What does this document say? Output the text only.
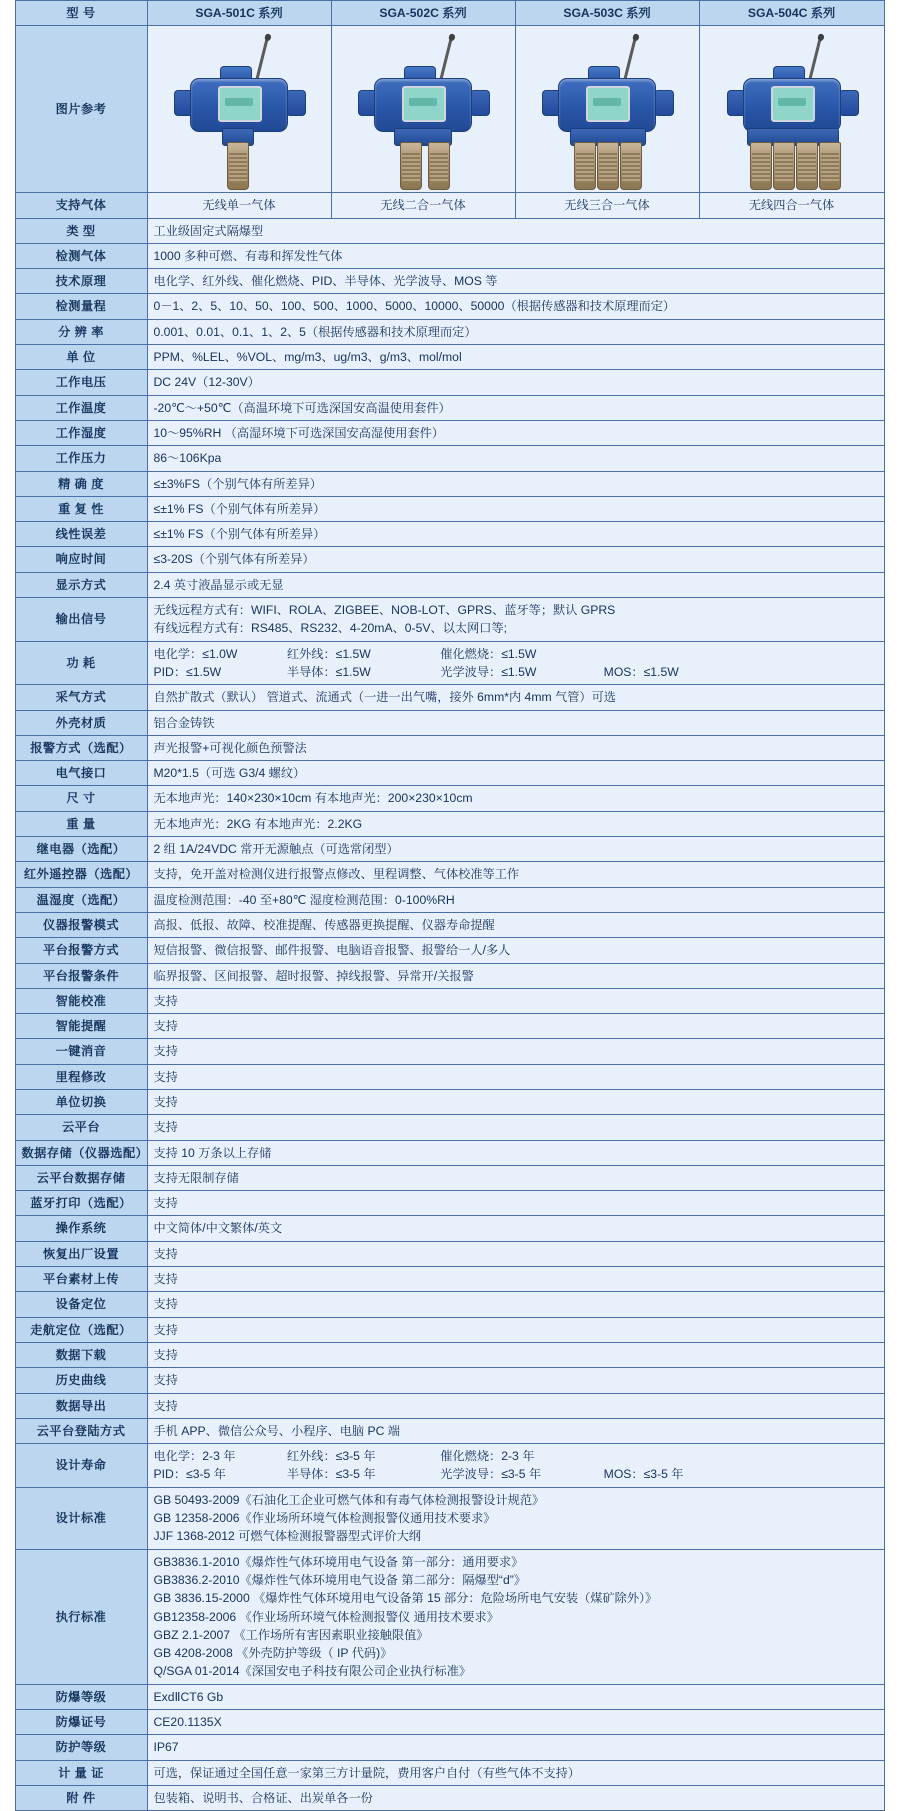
型 号	SGA-501C 系列	SGA-502C 系列	SGA-503C 系列	SGA-504C 系列
图片参考	

支持气体	无线单一气体	无线二合一气体	无线三合一气体	无线四合一气体
类 型	工业级固定式隔爆型			
检测气体	1000 多种可燃、有毒和挥发性气体			
技术原理	电化学、红外线、催化燃烧、PID、半导体、光学波导、MOS 等			
检测量程	0－1、2、5、10、50、100、500、1000、5000、10000、50000（根据传感器和技术原理而定）			
分 辨 率	0.001、0.01、0.1、1、2、5（根据传感器和技术原理而定）			
单 位	PPM、%LEL、%VOL、mg/m3、ug/m3、g/m3、mol/mol			
工作电压	DC 24V（12-30V）			
工作温度	-20℃～+50℃（高温环境下可选深国安高温使用套件）			
工作湿度	10～95%RH （高湿环境下可选深国安高湿使用套件）			
工作压力	86～106Kpa			
精 确 度	≤±3%FS（个别气体有所差异）			
重 复 性	≤±1% FS（个别气体有所差异）			
线性误差	≤±1% FS（个别气体有所差异）			
响应时间	≤3-20S（个别气体有所差异）			
显示方式	2.4 英寸液晶显示或无显			
输出信号	无线远程方式有：WIFI、ROLA、ZIGBEE、NOB-LOT、GPRS、蓝牙等；默认 GPRS
有线远程方式有：RS485、RS232、4-20mA、0-5V、以太网口等;			

功 耗	电化学：≤1.0W 红外线：≤1.5W 催化燃烧：≤1.5W PID：≤1.5W 半导体：≤1.5W 光学波导：≤1.5W MOS：≤1.5W			
采气方式	自然扩散式（默认） 管道式、流通式（一进一出气嘴，接外 6mm*内 4mm 气管）可选			
外壳材质	铝合金铸铁			
报警方式（选配）	声光报警+可视化颜色预警法			
电气接口	M20*1.5（可选 G3/4 螺纹）			
尺 寸	无本地声光：140×230×10cm 有本地声光：200×230×10cm			
重 量	无本地声光：2KG 有本地声光：2.2KG			
继电器（选配）	2 组 1A/24VDC 常开无源触点（可选常闭型）			
红外遥控器（选配）	支持，免开盖对检测仪进行报警点修改、里程调整、气体校准等工作			
温湿度（选配）	温度检测范围：-40 至+80℃ 湿度检测范围：0-100%RH			
仪器报警模式	高报、低报、故障、校准提醒、传感器更换提醒、仪器寿命提醒			
平台报警方式	短信报警、微信报警、邮件报警、电脑语音报警、报警给一人/多人			
平台报警条件	临界报警、区间报警、超时报警、掉线报警、异常开/关报警			
智能校准	支持			
智能提醒	支持			
一键消音	支持			
里程修改	支持			
单位切换	支持			
云平台	支持			
数据存储（仪器选配）	支持 10 万条以上存储			
云平台数据存储	支持无限制存储			
蓝牙打印（选配）	支持			
操作系统	中文简体/中文繁体/英文			
恢复出厂设置	支持			
平台素材上传	支持			
设备定位	支持			
走航定位（选配）	支持			
数据下载	支持			
历史曲线	支持			
数据导出	支持			
云平台登陆方式	手机 APP、微信公众号、小程序、电脑 PC 端			
设计寿命	电化学：2-3 年 红外线：≤3-5 年 催化燃烧：2-3 年 PID：≤3-5 年 半导体：≤3-5 年 光学波导：≤3-5 年 MOS：≤3-5 年			
设计标准	GB 50493-2009《石油化工企业可燃气体和有毒气体检测报警设计规范》
GB 12358-2006《作业场所环境气体检测报警仪通用技术要求》
JJF 1368-2012 可燃气体检测报警器型式评价大纲			

执行标准	
GB3836.1-2010《爆炸性气体环境用电气设备 第一部分：通用要求》
GB3836.2-2010《爆炸性气体环境用电气设备 第二部分：隔爆型“d”》
GB 3836.15-2000 《爆炸性气体环境用电气设备第 15 部分：危险场所电气安装（煤矿除外）》
GB12358-2006 《作业场所环境气体检测报警仪 通用技术要求》
GBZ 2.1-2007 《工作场所有害因素职业接触限值》
GB 4208-2008 《外壳防护等级（ IP 代码)》
Q/SGA 01-2014《深国安电子科技有限公司企业执行标准》

防爆等级	ExdⅡCT6 Gb			
防爆证号	CE20.1135X			
防护等级	IP67			
计 量 证	可选，保证通过全国任意一家第三方计量院，费用客户自付（有些气体不支持）			
附 件	包装箱、说明书、合格证、出炭单各一份			
